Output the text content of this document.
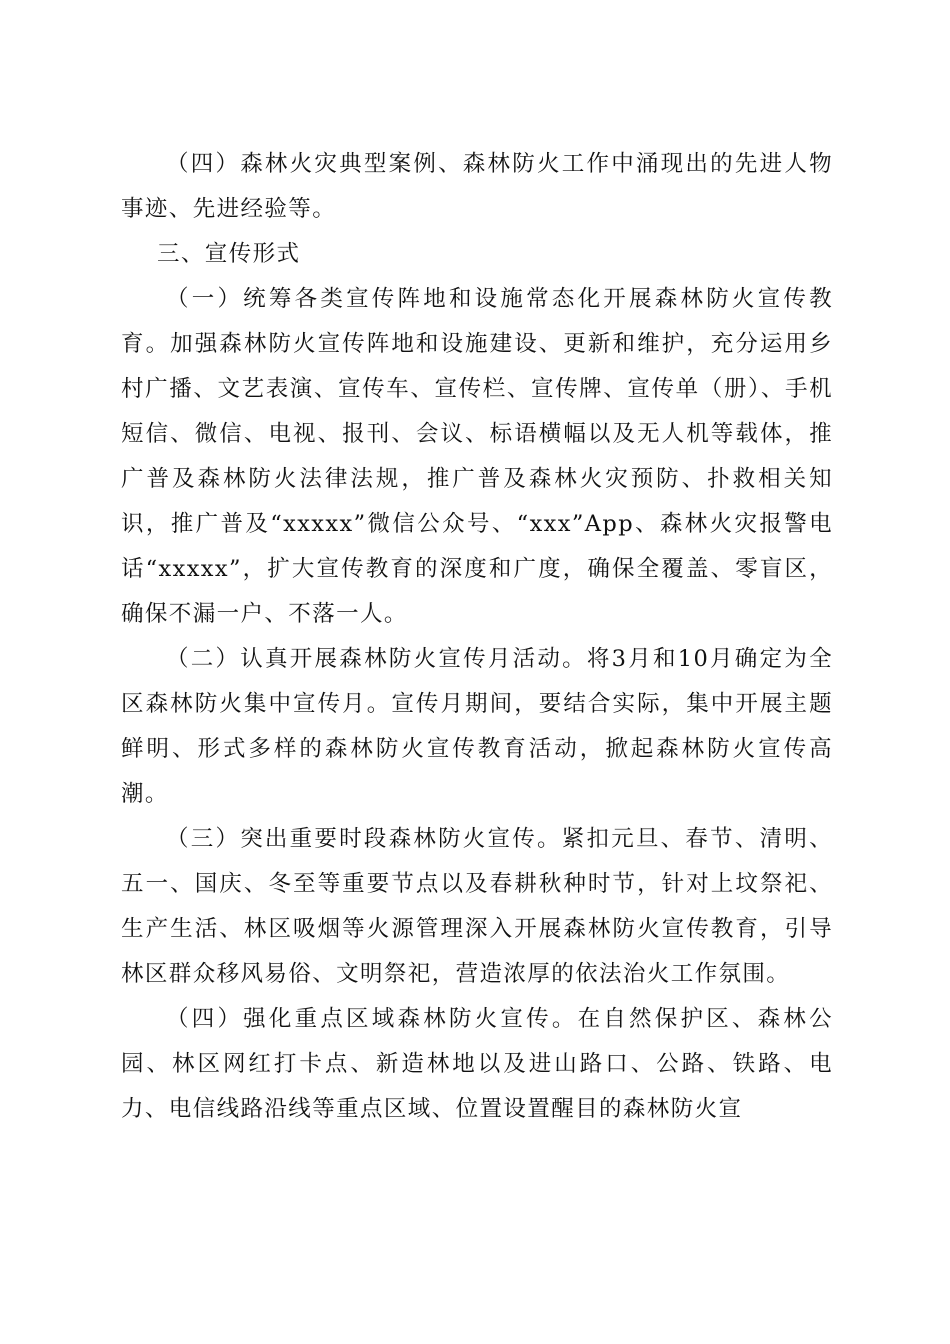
（四）森林火灾典型案例、森林防火工作中涌现出的先进人物事迹、先进经验等。

三、宣传形式

（一）统筹各类宣传阵地和设施常态化开展森林防火宣传教育。加强森林防火宣传阵地和设施建设、更新和维护，充分运用乡村广播、文艺表演、宣传车、宣传栏、宣传牌、宣传单（册）、手机短信、微信、电视、报刊、会议、标语横幅以及无人机等载体，推广普及森林防火法律法规，推广普及森林火灾预防、扑救相关知识，推广普及“xxxxx”微信公众号、“xxx”App、森林火灾报警电话“xxxxx”，扩大宣传教育的深度和广度，确保全覆盖、零盲区，确保不漏一户、不落一人。

（二）认真开展森林防火宣传月活动。将3月和10月确定为全区森林防火集中宣传月。宣传月期间，要结合实际，集中开展主题鲜明、形式多样的森林防火宣传教育活动，掀起森林防火宣传高潮。

（三）突出重要时段森林防火宣传。紧扣元旦、春节、清明、五一、国庆、冬至等重要节点以及春耕秋种时节，针对上坟祭祀、生产生活、林区吸烟等火源管理深入开展森林防火宣传教育，引导林区群众移风易俗、文明祭祀，营造浓厚的依法治火工作氛围。

（四）强化重点区域森林防火宣传。在自然保护区、森林公园、林区网红打卡点、新造林地以及进山路口、公路、铁路、电力、电信线路沿线等重点区域、位置设置醒目的森林防火宣
